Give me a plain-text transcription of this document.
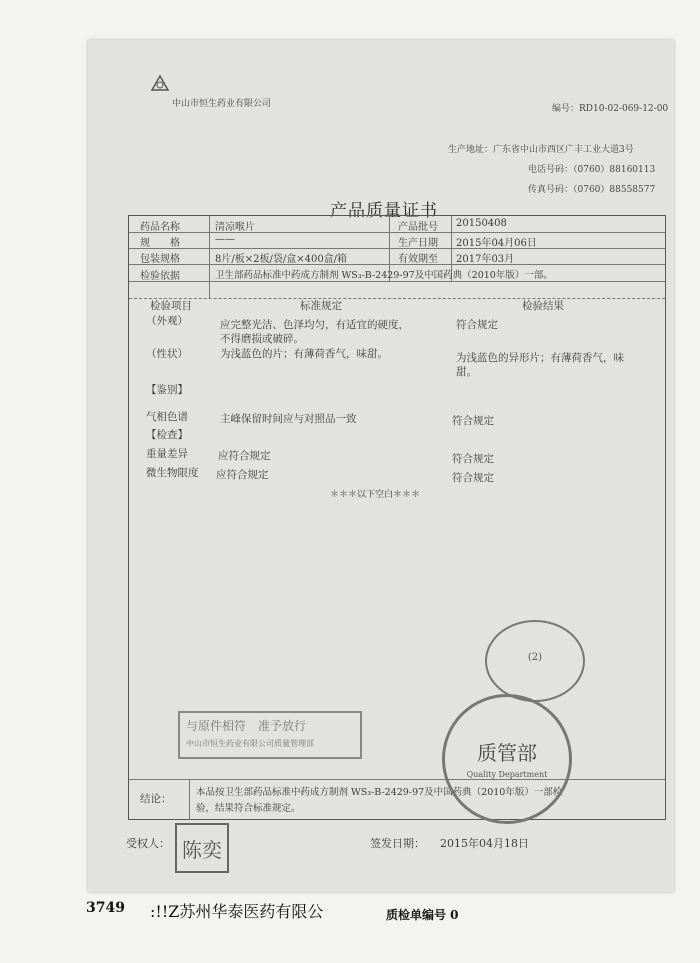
中山市恒生药业有限公司	编号：RD10-02-069-12-00
生产地址：广东省中山市西区广丰工业大道3号
电话号码：（0760）88160113
传真号码：（0760）88558577
产品质量证书
药品名称	清凉喉片	产品批号 20150408
规　　格	——	生产日期 2015年04月06日
包装规格	8片/板×2板/袋/盒×400盒/箱	有效期至 2017年03月
检验依据	卫生部药品标准中药成方制剂 WS₃-B-2429-97及中国药典（2010年版）一部。
检验项目	标准规定	检验结果
（外观）	应完整光洁、色泽均匀，有适宜的硬度，	符合规定
不得磨损或破碎。
（性状）	为浅蓝色的片；有薄荷香气，味甜。	为浅蓝色的异形片；有薄荷香气，味
甜。
【鉴别】
气相色谱	主峰保留时间应与对照品一致	符合规定
【检查】
重量差异	应符合规定	符合规定
微生物限度 应符合规定	符合规定
＊＊＊以下空白＊＊＊
结论：
本品按卫生部药品标准中药成方制剂 WS₃-B-2429-97及中国药典（2010年版）一部检
验，结果符合标准规定。
受权人： 陈奕	签发日期： 2015年04月18日
(2)
质管部
Quality Department
与原件相符　准予放行
中山市恒生药业有限公司质量管理部
3749 :!!Z苏州华泰医药有限公	质检单编号 0
